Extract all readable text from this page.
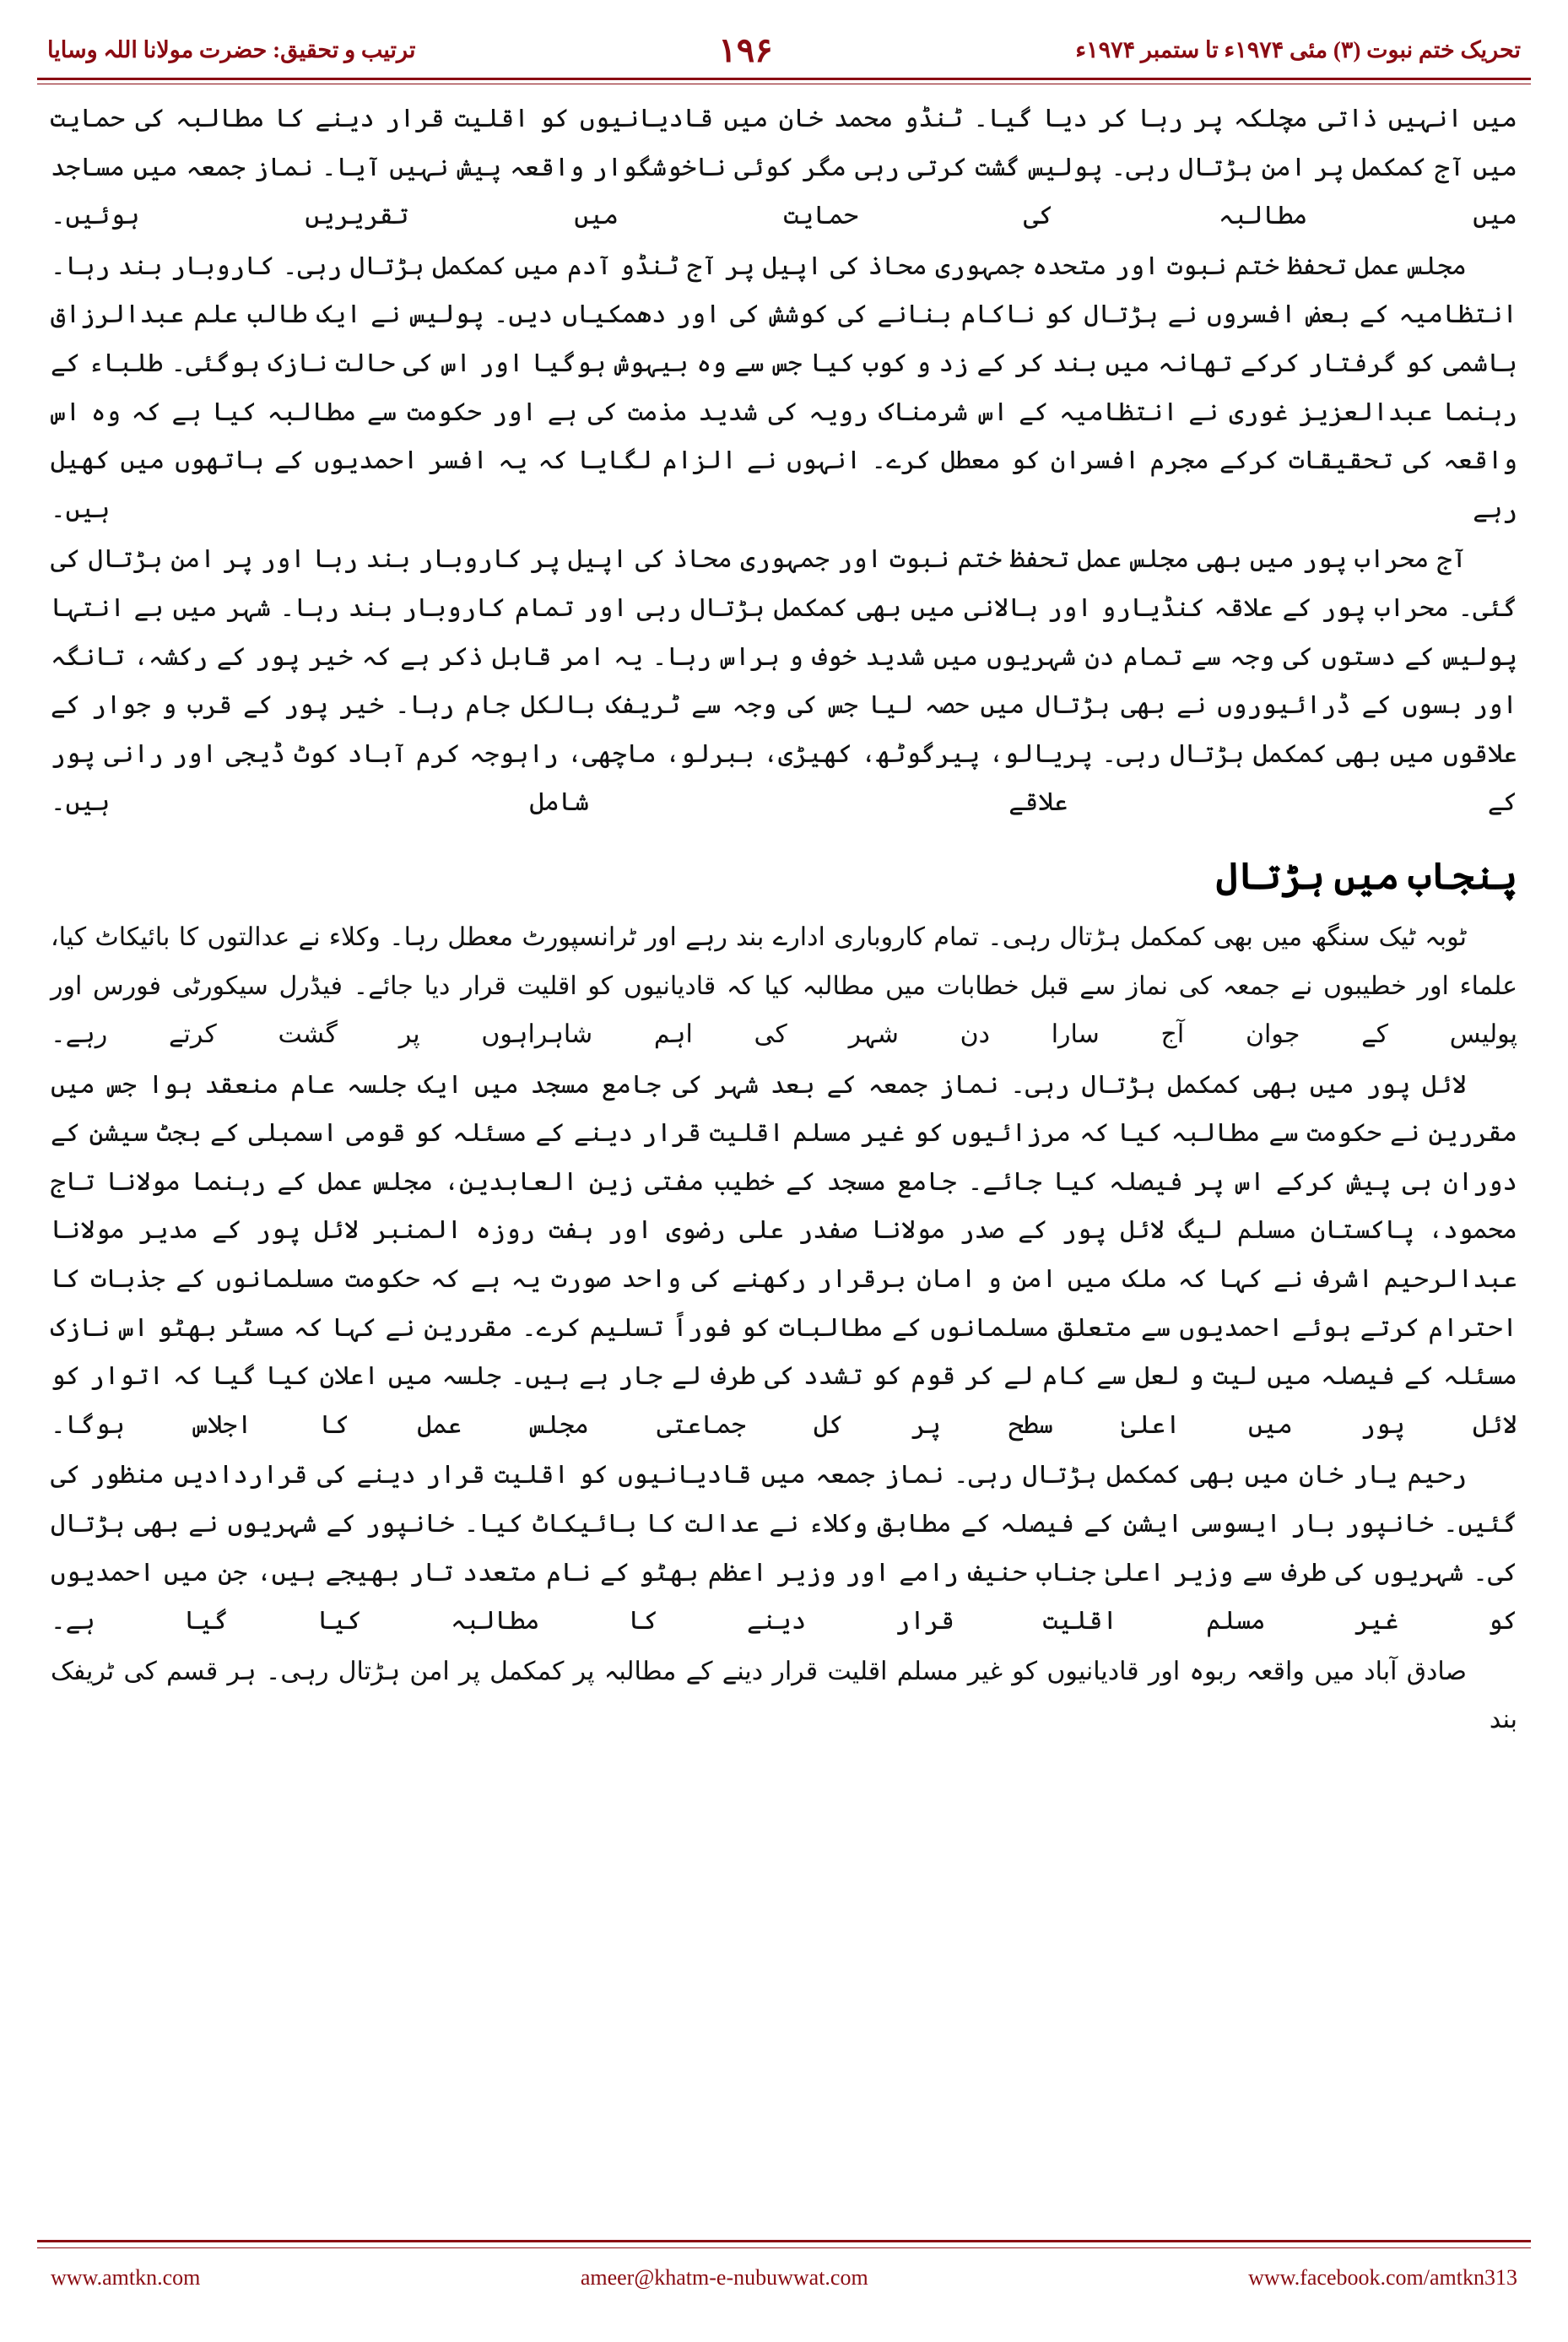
تحریک ختم نبوت (۳) مئی ۱۹۷۴ء تا ستمبر ۱۹۷۴ء
۱۹۶
ترتیب و تحقیق: حضرت مولانا اللہ وسایا

میں انہیں ذاتی مچلکہ پر رہا کر دیا گیا۔ ٹنڈو محمد خان میں قادیانیوں کو اقلیت قرار دینے کا مطالبہ کی حمایت میں آج کمکمل پر امن ہڑتال رہی۔ پولیس گشت کرتی رہی مگر کوئی ناخوشگوار واقعہ پیش نہیں آیا۔ نماز جمعہ میں مساجد میں مطالبہ کی حمایت میں تقریریں ہوئیں۔

مجلس عمل تحفظ ختم نبوت اور متحدہ جمہوری محاذ کی اپیل پر آج ٹنڈو آدم میں کمکمل ہڑتال رہی۔ کاروبار بند رہا۔ انتظامیہ کے بعض افسروں نے ہڑتال کو ناکام بنانے کی کوشش کی اور دھمکیاں دیں۔ پولیس نے ایک طالب علم عبدالرزاق ہاشمی کو گرفتار کرکے تھانہ میں بند کر کے زد و کوب کیا جس سے وہ بیہوش ہوگیا اور اس کی حالت نازک ہوگئی۔ طلباء کے رہنما عبدالعزیز غوری نے انتظامیہ کے اس شرمناک رویہ کی شدید مذمت کی ہے اور حکومت سے مطالبہ کیا ہے کہ وہ اس واقعہ کی تحقیقات کرکے مجرم افسران کو معطل کرے۔ انہوں نے الزام لگایا کہ یہ افسر احمدیوں کے ہاتھوں میں کھیل رہے ہیں۔

آج محراب پور میں بھی مجلس عمل تحفظ ختم نبوت اور جمہوری محاذ کی اپیل پر کاروبار بند رہا اور پر امن ہڑتال کی گئی۔ محراب پور کے علاقہ کنڈیارو اور ہالانی میں بھی کمکمل ہڑتال رہی اور تمام کاروبار بند رہا۔ شہر میں بے انتہا پولیس کے دستوں کی وجہ سے تمام دن شہریوں میں شدید خوف و ہراس رہا۔ یہ امر قابل ذکر ہے کہ خیر پور کے رکشہ، تانگہ اور بسوں کے ڈرائیوروں نے بھی ہڑتال میں حصہ لیا جس کی وجہ سے ٹریفک بالکل جام رہا۔ خیر پور کے قرب و جوار کے علاقوں میں بھی کمکمل ہڑتال رہی۔ پریالو، پیرگوٹھ، کھیڑی، ببرلو، ماچھی، راہوجہ کرم آباد کوٹ ڈیجی اور رانی پور کے علاقے شامل ہیں۔

پنجاب میں ہڑتال

ٹوبہ ٹیک سنگھ میں بھی کمکمل ہڑتال رہی۔ تمام کاروباری ادارے بند رہے اور ٹرانسپورٹ معطل رہا۔ وکلاء نے عدالتوں کا بائیکاٹ کیا، علماء اور خطیبوں نے جمعہ کی نماز سے قبل خطابات میں مطالبہ کیا کہ قادیانیوں کو اقلیت قرار دیا جائے۔ فیڈرل سیکورٹی فورس اور پولیس کے جوان آج سارا دن شہر کی اہم شاہراہوں پر گشت کرتے رہے۔

لائل پور میں بھی کمکمل ہڑتال رہی۔ نماز جمعہ کے بعد شہر کی جامع مسجد میں ایک جلسہ عام منعقد ہوا جس میں مقررین نے حکومت سے مطالبہ کیا کہ مرزائیوں کو غیر مسلم اقلیت قرار دینے کے مسئلہ کو قومی اسمبلی کے بجٹ سیشن کے دوران ہی پیش کرکے اس پر فیصلہ کیا جائے۔ جامع مسجد کے خطیب مفتی زین العابدین، مجلس عمل کے رہنما مولانا تاج محمود، پاکستان مسلم لیگ لائل پور کے صدر مولانا صفدر علی رضوی اور ہفت روزہ المنبر لائل پور کے مدیر مولانا عبدالرحیم اشرف نے کہا کہ ملک میں امن و امان برقرار رکھنے کی واحد صورت یہ ہے کہ حکومت مسلمانوں کے جذبات کا احترام کرتے ہوئے احمدیوں سے متعلق مسلمانوں کے مطالبات کو فوراً تسلیم کرے۔ مقررین نے کہا کہ مسٹر بھٹو اس نازک مسئلہ کے فیصلہ میں لیت و لعل سے کام لے کر قوم کو تشدد کی طرف لے جار ہے ہیں۔ جلسہ میں اعلان کیا گیا کہ اتوار کو لائل پور میں اعلیٰ سطح پر کل جماعتی مجلس عمل کا اجلاس ہوگا۔

رحیم یار خان میں بھی کمکمل ہڑتال رہی۔ نماز جمعہ میں قادیانیوں کو اقلیت قرار دینے کی قراردادیں منظور کی گئیں۔ خانپور بار ایسوسی ایشن کے فیصلہ کے مطابق وکلاء نے عدالت کا بائیکاٹ کیا۔ خانپور کے شہریوں نے بھی ہڑتال کی۔ شہریوں کی طرف سے وزیر اعلیٰ جناب حنیف رامے اور وزیر اعظم بھٹو کے نام متعدد تار بھیجے ہیں، جن میں احمدیوں کو غیر مسلم اقلیت قرار دینے کا مطالبہ کیا گیا ہے۔

صادق آباد میں واقعہ ربوہ اور قادیانیوں کو غیر مسلم اقلیت قرار دینے کے مطالبہ پر کمکمل پر امن ہڑتال رہی۔ ہر قسم کی ٹریفک بند

www.amtkn.com	ameer@khatm-e-nubuwwat.com	www.facebook.com/amtkn313
